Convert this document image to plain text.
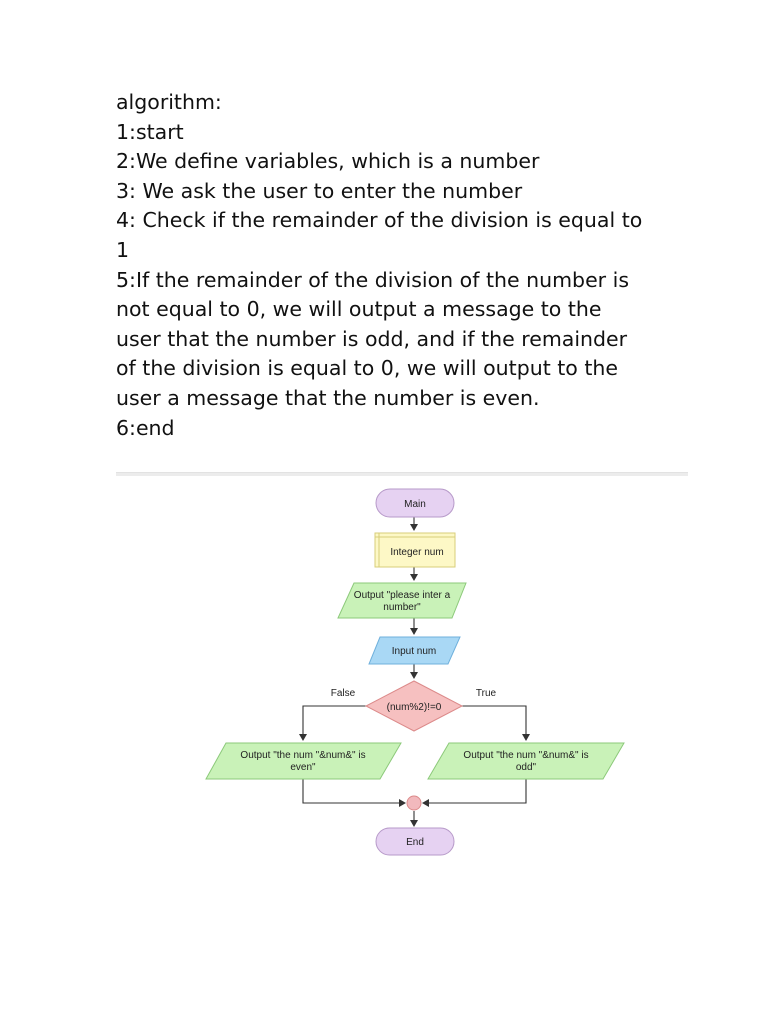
algorithm:
1:start
2:We define variables, which is a number
3: We ask the user to enter the number
4: Check if the remainder of the division is equal to
1
5:If the remainder of the division of the number is
not equal to 0, we will output a message to the
user that the number is odd, and if the remainder
of the division is equal to 0, we will output to the
user a message that the number is even.
6:end
Main
Integer num
Output "please inter a
number"
Input num
(num%2)!=0
False	True
Output "the num "&num&" is
even"
Output "the num "&num&" is
odd"
End
